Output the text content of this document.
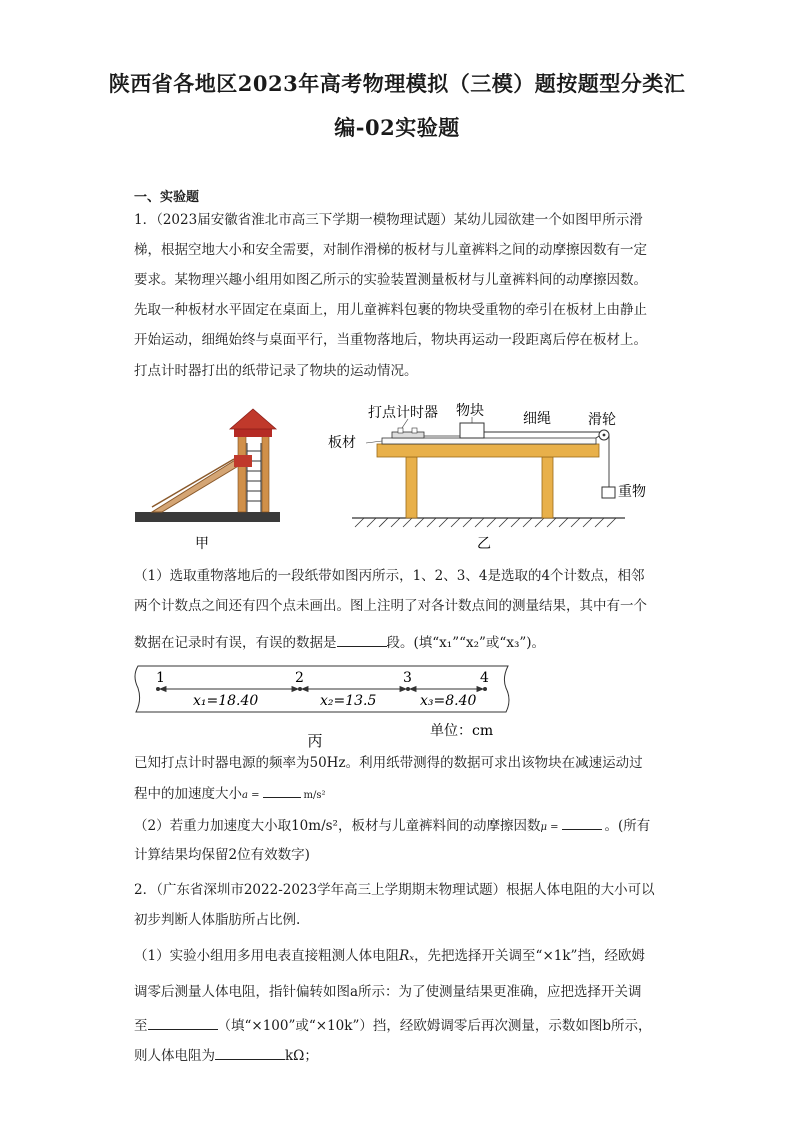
陕西省各地区2023年高考物理模拟（三模）题按题型分类汇
编-02实验题
一、实验题
1．（2023届安徽省淮北市高三下学期一模物理试题）某幼儿园欲建一个如图甲所示滑
梯，根据空地大小和安全需要，对制作滑梯的板材与儿童裤料之间的动摩擦因数有一定
要求。某物理兴趣小组用如图乙所示的实验装置测量板材与儿童裤料间的动摩擦因数。
先取一种板材水平固定在桌面上，用儿童裤料包裹的物块受重物的牵引在板材上由静止
开始运动，细绳始终与桌面平行，当重物落地后，物块再运动一段距离后停在板材上。
打点计时器打出的纸带记录了物块的运动情况。
甲
打点计时器 物块	细绳	滑轮
板材
重物
乙
（1）选取重物落地后的一段纸带如图丙所示，1、2、3、4是选取的4个计数点，相邻
两个计数点之间还有四个点未画出。图上注明了对各计数点间的测量结果，其中有一个
数据在记录时有误，有误的数据是	段。(填“x₁”“x₂”或“x₃”)。
1	2	3	4
x₁=18.40	x₂=13.5	x₃=8.40
单位：cm
丙
已知打点计时器电源的频率为50Hz。利用纸带测得的数据可求出该物块在减速运动过
程中的加速度大小a =	m/s²
（2）若重力加速度大小取10m/s²，板材与儿童裤料间的动摩擦因数μ =	。(所有
计算结果均保留2位有效数字)
2．（广东省深圳市2022-2023学年高三上学期期末物理试题）根据人体电阻的大小可以
初步判断人体脂肪所占比例.
（1）实验小组用多用电表直接粗测人体电阻Rₓ，先把选择开关调至“×1k”挡，经欧姆
调零后测量人体电阻，指针偏转如图a所示：为了使测量结果更准确，应把选择开关调
至	（填“×100”或“×10k”）挡，经欧姆调零后再次测量，示数如图b所示，
则人体电阻为	kΩ；
